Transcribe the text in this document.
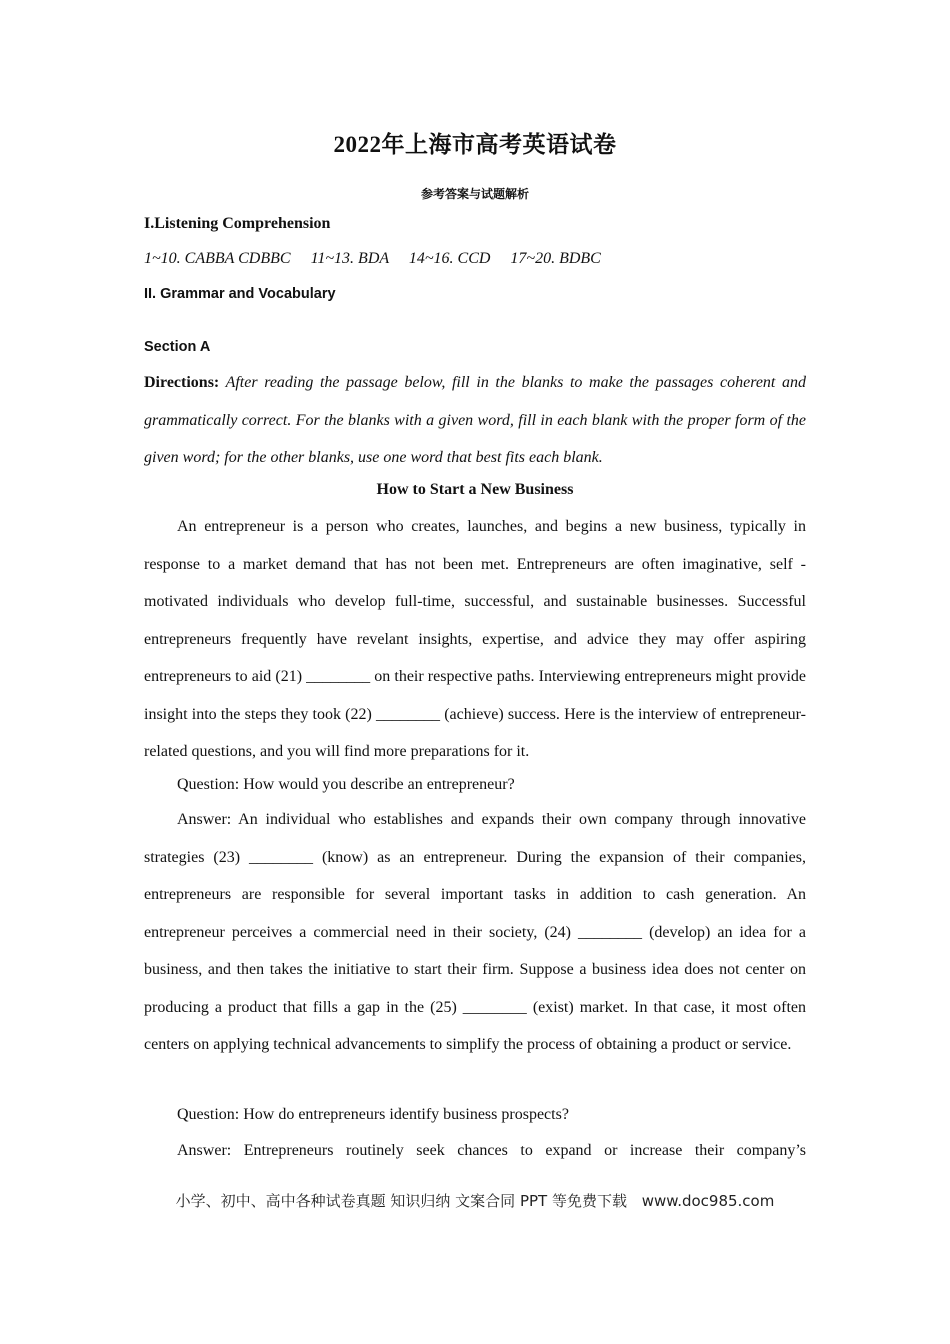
2022年上海市高考英语试卷
参考答案与试题解析
I.Listening Comprehension
1~10. CABBA CDBBC     11~13. BDA     14~16. CCD     17~20. BDBC
II. Grammar and Vocabulary
Section A
Directions: After reading the passage below, fill in the blanks to make the passages coherent and grammatically correct. For the blanks with a given word, fill in each blank with the proper form of the given word; for the other blanks, use one word that best fits each blank.
How to Start a New Business
An entrepreneur is a person who creates, launches, and begins a new business, typically in response to a market demand that has not been met. Entrepreneurs are often imaginative, self -motivated individuals who develop full-time, successful, and sustainable businesses. Successful entrepreneurs frequently have revelant insights, expertise, and advice they may offer aspiring entrepreneurs to aid (21) ________ on their respective paths. Interviewing entrepreneurs might provide insight into the steps they took (22) ________ (achieve) success. Here is the interview of entrepreneur-related questions, and you will find more preparations for it.
Question: How would you describe an entrepreneur?
Answer: An individual who establishes and expands their own company through innovative strategies (23) ________ (know) as an entrepreneur. During the expansion of their companies, entrepreneurs are responsible for several important tasks in addition to cash generation. An entrepreneur perceives a commercial need in their society, (24) ________ (develop) an idea for a business, and then takes the initiative to start their firm. Suppose a business idea does not center on producing a product that fills a gap in the (25) ________ (exist) market. In that case, it most often centers on applying technical advancements to simplify the process of obtaining a product or service.
Question: How do entrepreneurs identify business prospects?
Answer: Entrepreneurs routinely seek chances to expand or increase their company’s
小学、初中、高中各种试卷真题 知识归纳 文案合同 PPT 等免费下载 www.doc985.com
